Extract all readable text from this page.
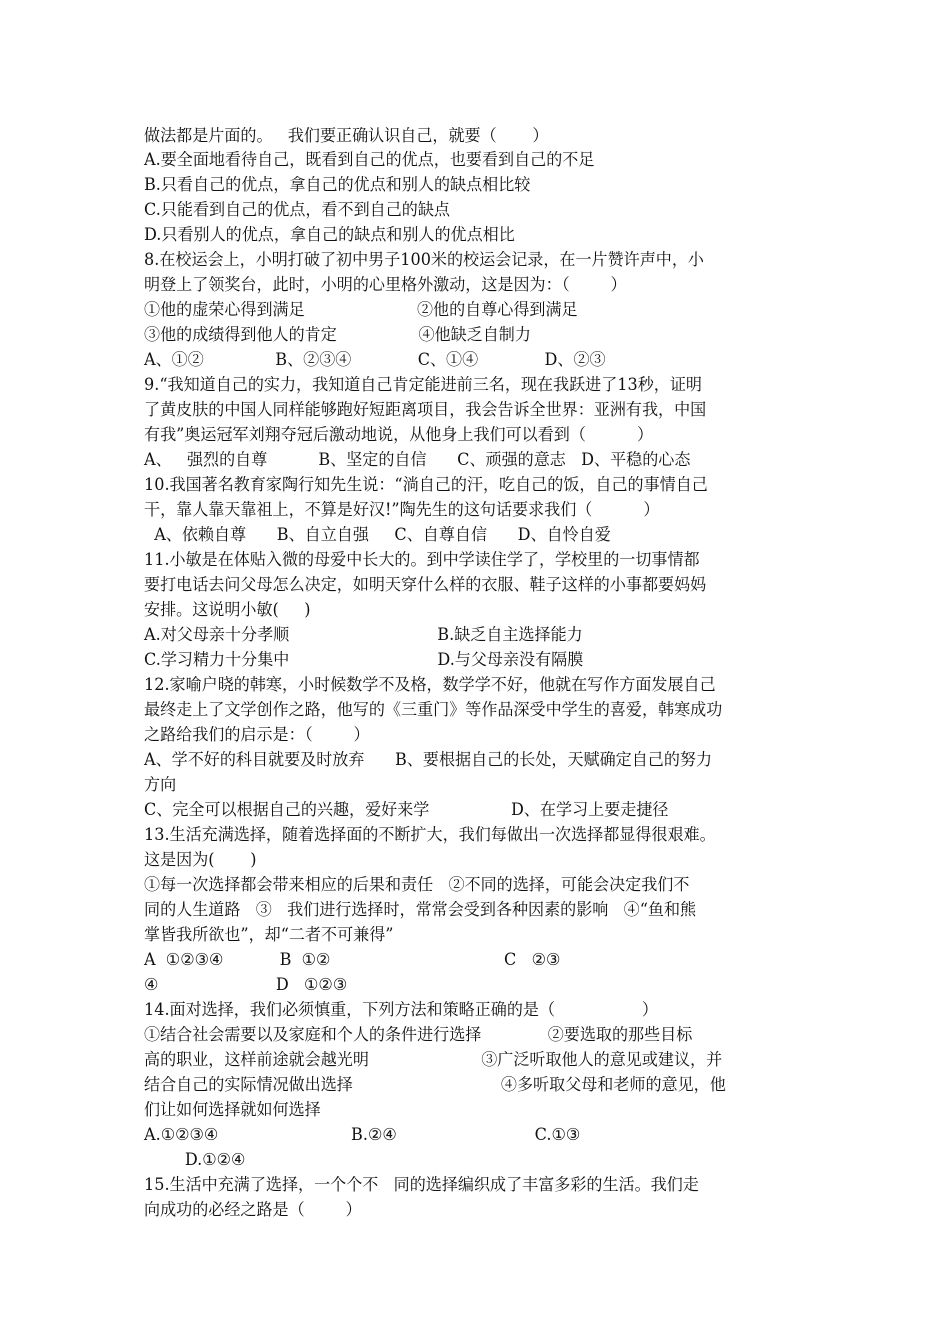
做法都是片面的。   我们要正确认识自己，就要（       ）
A.要全面地看待自己，既看到自己的优点，也要看到自己的不足
B.只看自己的优点，拿自己的优点和别人的缺点相比较
C.只能看到自己的优点，看不到自己的缺点
D.只看别人的优点，拿自己的缺点和别人的优点相比
8.在校运会上，小明打破了初中男子100米的校运会记录，在一片赞许声中，小
明登上了领奖台，此时，小明的心里格外激动，这是因为：（        ）
①他的虚荣心得到满足                      ②他的自尊心得到满足
③他的成绩得到他人的肯定                ④他缺乏自制力
A、①②              B、②③④             C、①④             D、②③
9.“我知道自己的实力，我知道自己肯定能进前三名，现在我跃进了13秒，证明
了黄皮肤的中国人同样能够跑好短距离项目，我会告诉全世界：亚洲有我，中国
有我”奥运冠军刘翔夺冠后激动地说，从他身上我们可以看到（          ）
A、   强烈的自尊          B、坚定的自信      C、顽强的意志   D、平稳的心态
10.我国著名教育家陶行知先生说：“淌自己的汗，吃自己的饭，自己的事情自己
干，靠人靠天靠祖上，不算是好汉!”陶先生的这句话要求我们（          ）
A、依赖自尊      B、自立自强     C、自尊自信      D、自怜自爱
11.小敏是在体贴入微的母爱中长大的。到中学读住学了，学校里的一切事情都
要打电话去问父母怎么决定，如明天穿什么样的衣服、鞋子这样的小事都要妈妈
安排。这说明小敏(     )
A.对父母亲十分孝顺                             B.缺乏自主选择能力
C.学习精力十分集中                             D.与父母亲没有隔膜
12.家喻户晓的韩寒，小时候数学不及格，数学学不好，他就在写作方面发展自己
最终走上了文学创作之路，他写的《三重门》等作品深受中学生的喜爱，韩寒成功
之路给我们的启示是：（        ）
A、学不好的科目就要及时放弃      B、要根据自己的长处，天赋确定自己的努力
方向
C、完全可以根据自己的兴趣，爱好来学                D、在学习上要走捷径
13.生活充满选择，随着选择面的不断扩大，我们每做出一次选择都显得很艰难。
这是因为(       )
①每一次选择都会带来相应的后果和责任   ②不同的选择，可能会决定我们不
同的人生道路   ③   我们进行选择时，常常会受到各种因素的影响   ④“鱼和熊
掌皆我所欲也”，却“二者不可兼得”
A  ①②③④           B  ①②                                  C   ②③
④                       D   ①②③
14.面对选择，我们必须慎重，下列方法和策略正确的是（                 ）
①结合社会需要以及家庭和个人的条件进行选择             ②要选取的那些目标
高的职业，这样前途就会越光明                      ③广泛听取他人的意见或建议，并
结合自己的实际情况做出选择                             ④多听取父母和老师的意见，他
们让如何选择就如何选择
A.①②③④                          B.②④                           C.①③
D.①②④
15.生活中充满了选择，一个个不   同的选择编织成了丰富多彩的生活。我们走
向成功的必经之路是（        ）
